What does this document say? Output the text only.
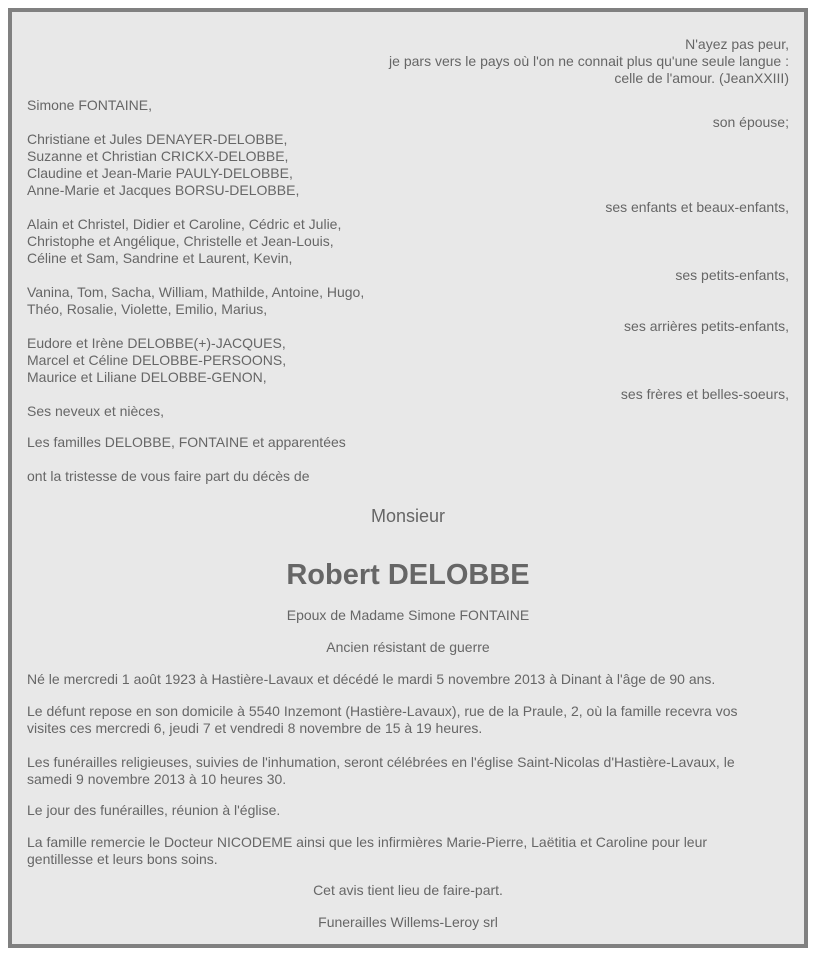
N'ayez pas peur,
je pars vers le pays où l'on ne connait plus qu'une seule langue :
celle de l'amour. (JeanXXIII)
Simone FONTAINE,
son épouse;
Christiane et Jules DENAYER-DELOBBE,
Suzanne et Christian CRICKX-DELOBBE,
Claudine et Jean-Marie PAULY-DELOBBE,
Anne-Marie et Jacques BORSU-DELOBBE,
ses enfants et beaux-enfants,
Alain et Christel, Didier et Caroline, Cédric et Julie,
Christophe et Angélique, Christelle et Jean-Louis,
Céline et Sam, Sandrine et Laurent, Kevin,
ses petits-enfants,
Vanina, Tom, Sacha, William, Mathilde, Antoine, Hugo,
Théo, Rosalie, Violette, Emilio, Marius,
ses arrières petits-enfants,
Eudore et Irène DELOBBE(+)-JACQUES,
Marcel et Céline DELOBBE-PERSOONS,
Maurice et Liliane DELOBBE-GENON,
ses frères et belles-soeurs,
Ses neveux et nièces,
Les familles DELOBBE, FONTAINE et apparentées
ont la tristesse de vous faire part du décès de
Monsieur
Robert DELOBBE
Epoux de Madame Simone FONTAINE
Ancien résistant de guerre
Né le mercredi 1 août 1923 à Hastière-Lavaux et décédé le mardi 5 novembre 2013 à Dinant à l'âge de 90 ans.
Le défunt repose en son domicile à 5540 Inzemont (Hastière-Lavaux), rue de la Praule, 2, où la famille recevra vos
visites ces mercredi 6, jeudi 7 et vendredi 8 novembre de 15 à 19 heures.
Les funérailles religieuses, suivies de l'inhumation, seront célébrées en l'église Saint-Nicolas d'Hastière-Lavaux, le
samedi 9 novembre 2013 à 10 heures 30.
Le jour des funérailles, réunion à l'église.
La famille remercie le Docteur NICODEME ainsi que les infirmières Marie-Pierre, Laëtitia et Caroline pour leur
gentillesse et leurs bons soins.
Cet avis tient lieu de faire-part.
Funerailles Willems-Leroy srl
